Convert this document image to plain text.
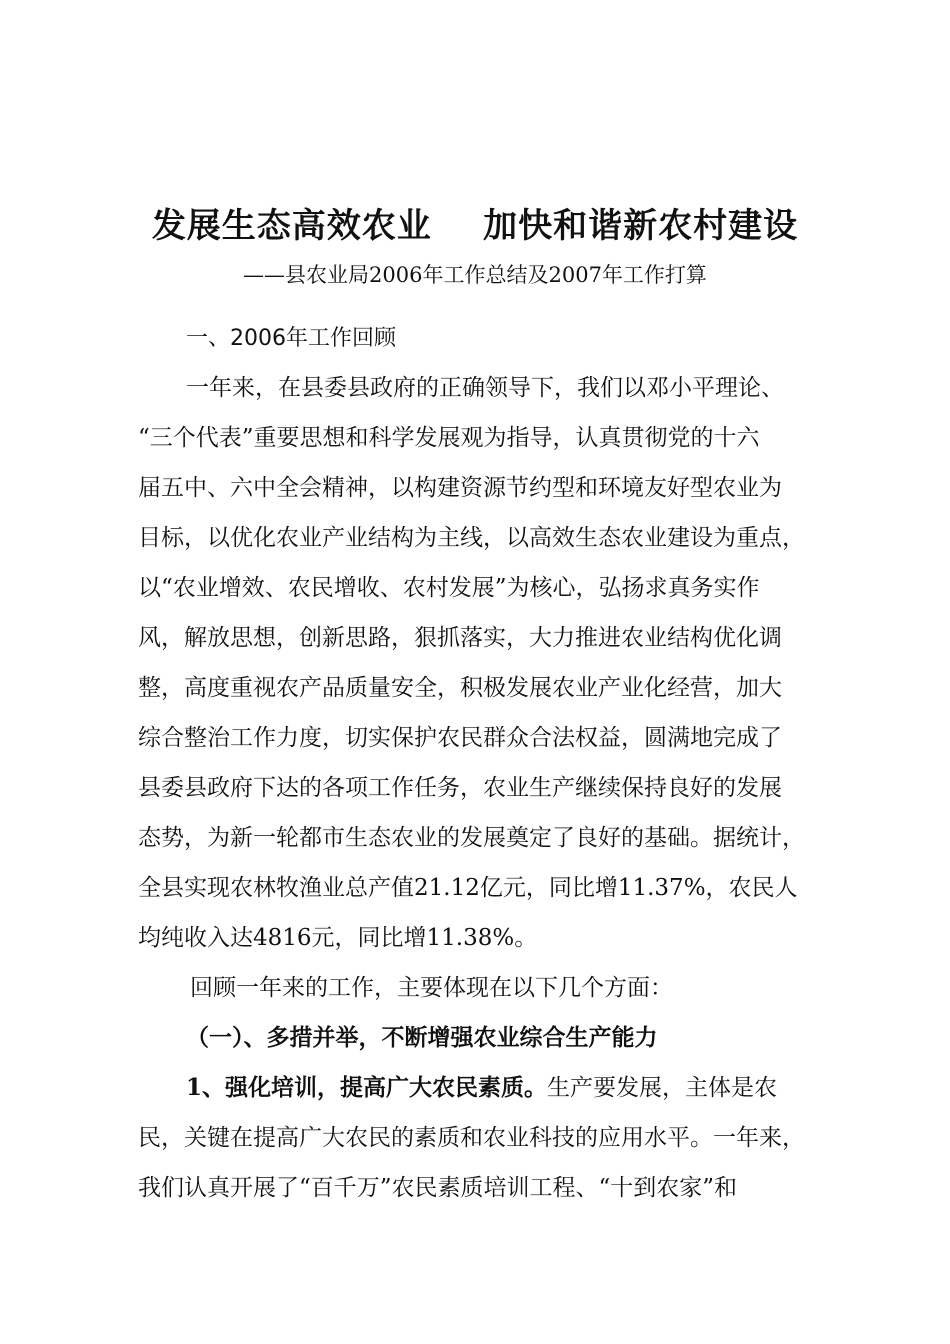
发展生态高效农业    加快和谐新农村建设
——县农业局2006年工作总结及2007年工作打算
一、2006年工作回顾
一年来，在县委县政府的正确领导下，我们以邓小平理论、
“三个代表”重要思想和科学发展观为指导，认真贯彻党的十六
届五中、六中全会精神，以构建资源节约型和环境友好型农业为
目标，以优化农业产业结构为主线，以高效生态农业建设为重点，
以“农业增效、农民增收、农村发展”为核心，弘扬求真务实作
风，解放思想，创新思路，狠抓落实，大力推进农业结构优化调
整，高度重视农产品质量安全，积极发展农业产业化经营，加大
综合整治工作力度，切实保护农民群众合法权益，圆满地完成了
县委县政府下达的各项工作任务，农业生产继续保持良好的发展
态势，为新一轮都市生态农业的发展奠定了良好的基础。据统计，
全县实现农林牧渔业总产值21.12亿元，同比增11.37%，农民人
均纯收入达4816元，同比增11.38%。
回顾一年来的工作，主要体现在以下几个方面：
（一）、多措并举，不断增强农业综合生产能力
1、强化培训，提高广大农民素质。生产要发展，主体是农
民，关键在提高广大农民的素质和农业科技的应用水平。一年来，
我们认真开展了“百千万”农民素质培训工程、“十到农家”和
